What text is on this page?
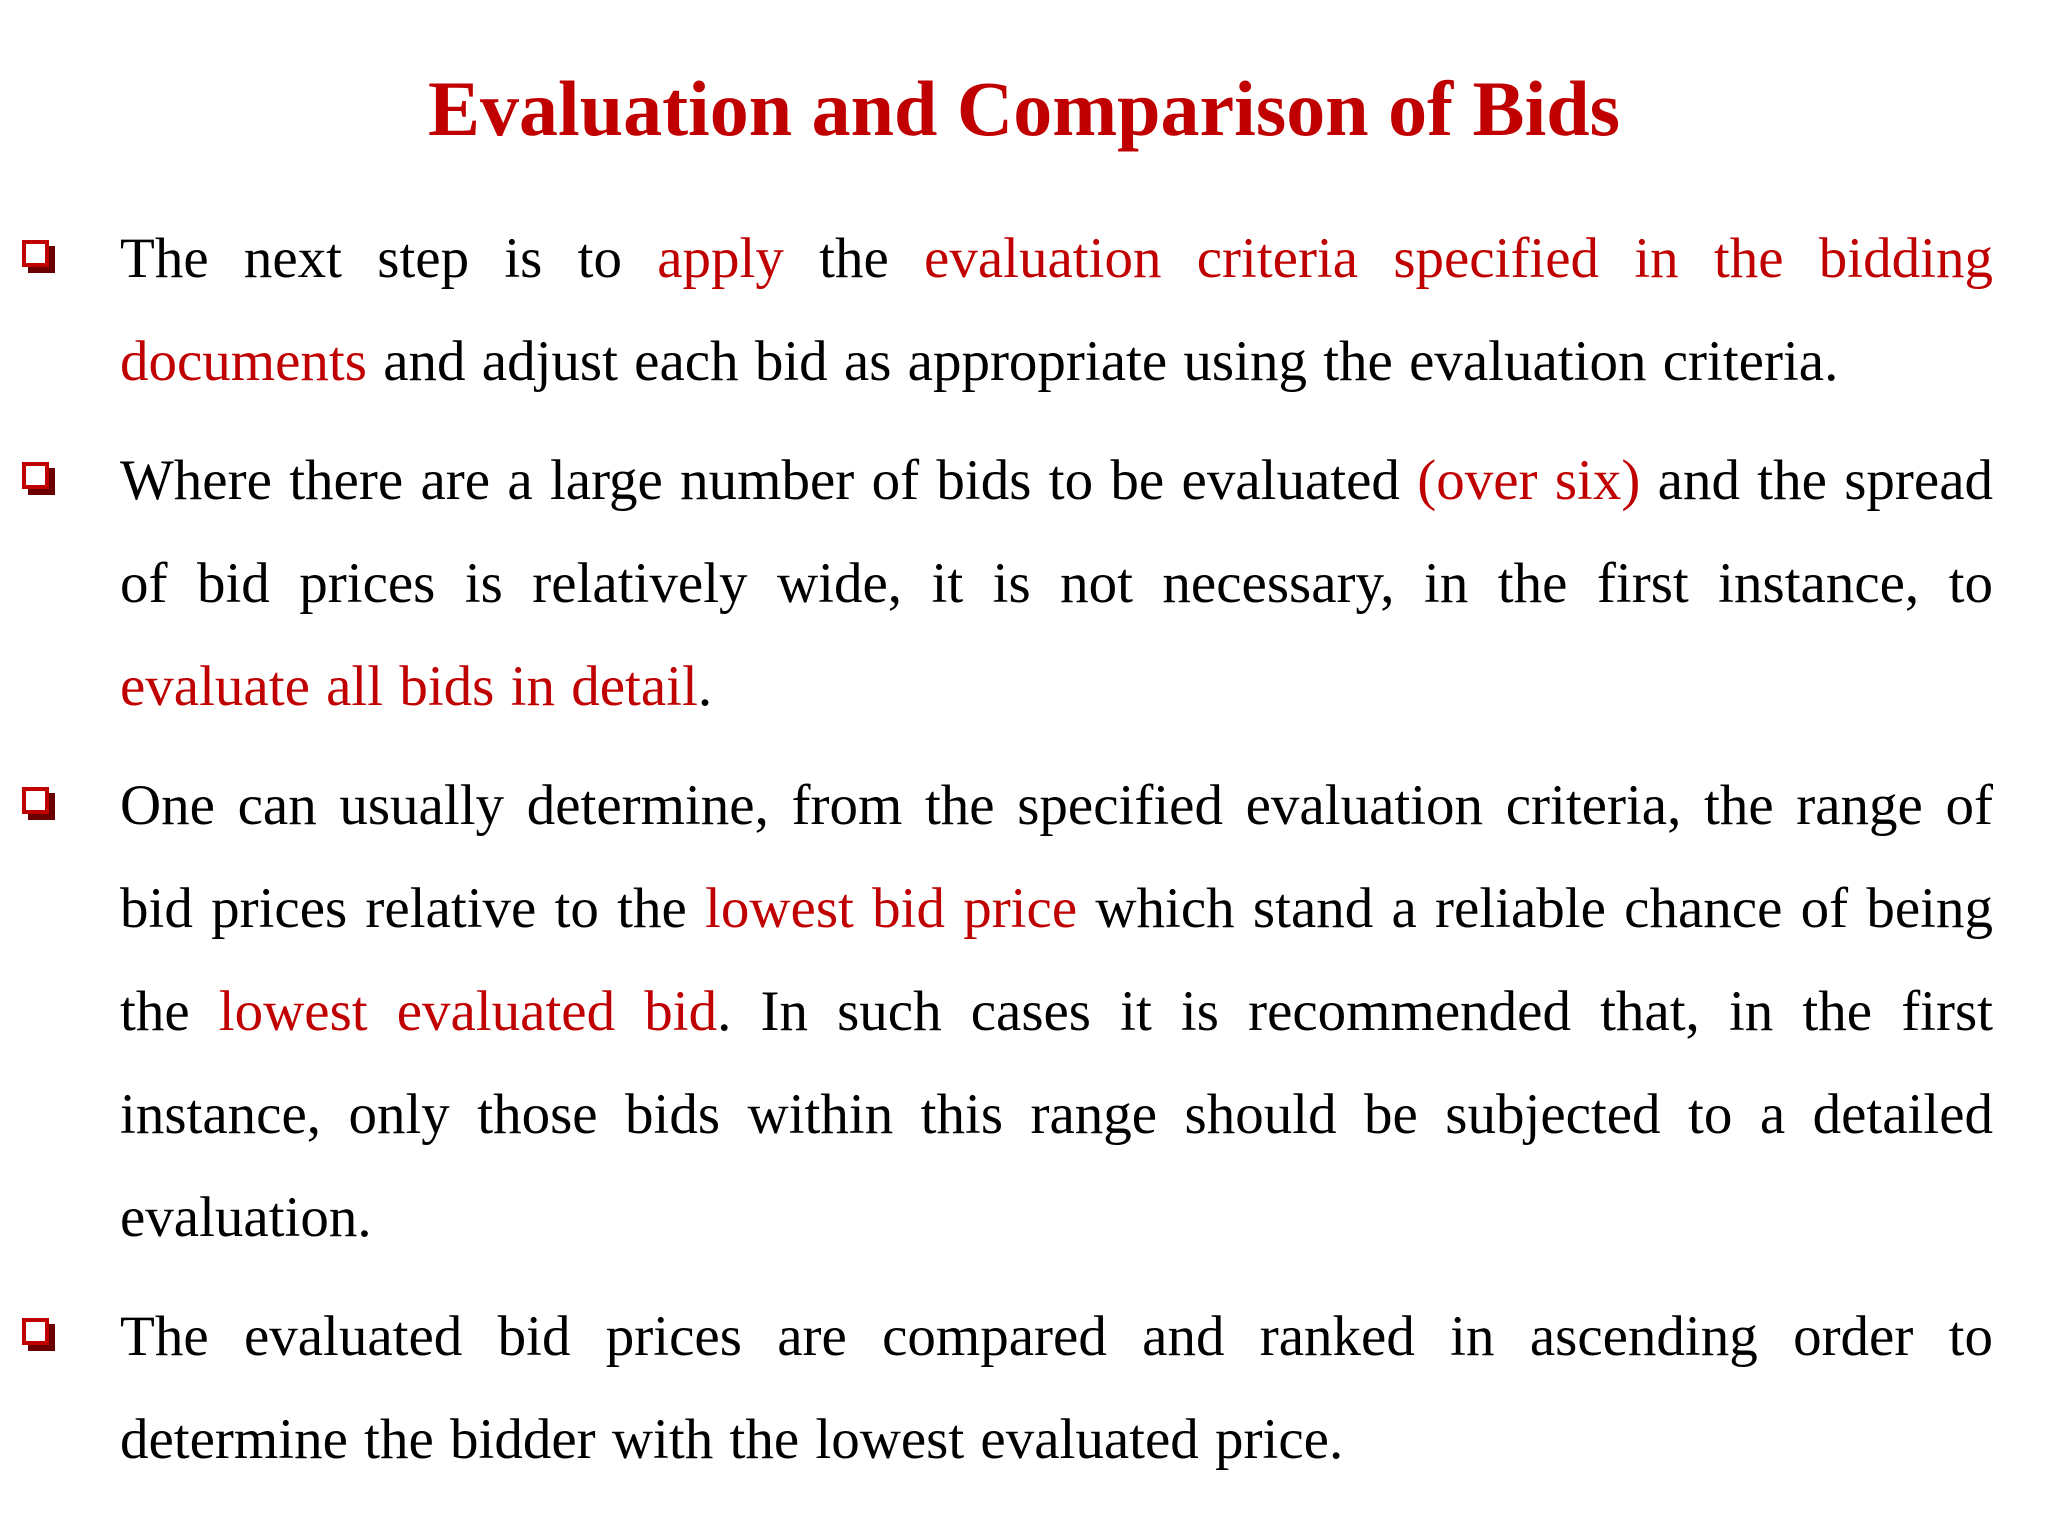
Evaluation and Comparison of Bids

The next step is to apply the evaluation criteria specified in the bidding documents and adjust each bid as appropriate using the evaluation criteria.

Where there are a large number of bids to be evaluated (over six) and the spread of bid prices is relatively wide, it is not necessary, in the first instance, to evaluate all bids in detail.

One can usually determine, from the specified evaluation criteria, the range of bid prices relative to the lowest bid price which stand a reliable chance of being the lowest evaluated bid. In such cases it is recommended that, in the first instance, only those bids within this range should be subjected to a detailed evaluation.

The evaluated bid prices are compared and ranked in ascending order to determine the bidder with the lowest evaluated price.
